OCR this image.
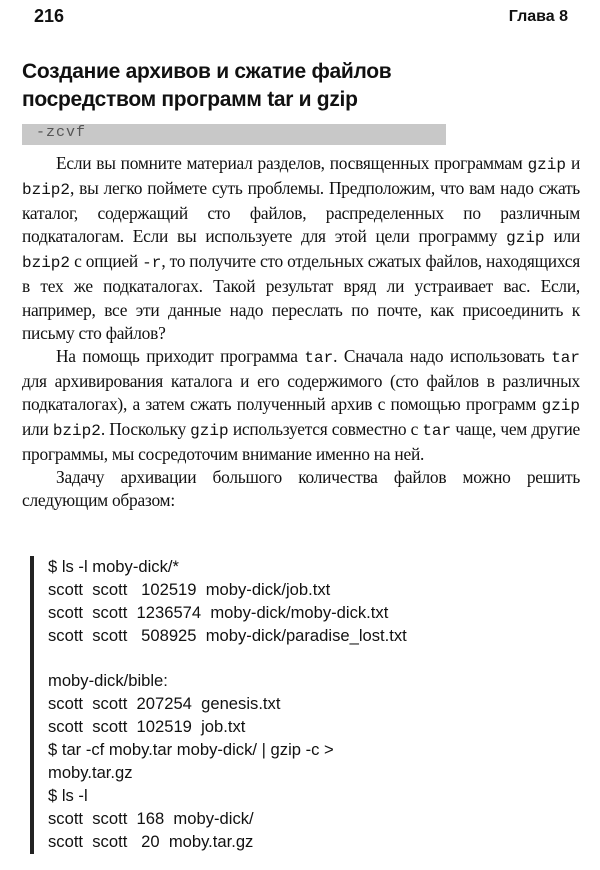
216	Глава 8
Создание архивов и сжатие файлов
посредством программ tar и gzip
-zcvf

Если вы помните материал разделов, посвященных программам gzip и bzip2, вы легко поймете суть проблемы. Предположим, что вам надо сжать каталог, содержащий сто файлов, распределенных по различным подкаталогам. Если вы используете для этой цели программу gzip или bzip2 с опцией -r, то получите сто отдельных сжатых файлов, находящихся в тех же подкаталогах. Такой результат вряд ли устраивает вас. Если, например, все эти данные надо переслать по почте, как присоединить к письму сто файлов?

На помощь приходит программа tar. Сначала надо использовать tar для архивирования каталога и его содержимого (сто файлов в различных подкаталогах), а затем сжать полученный архив с помощью программ gzip или bzip2. Поскольку gzip используется совместно с tar чаще, чем другие программы, мы сосредоточим внимание именно на ней.

Задачу архивации большого количества файлов можно решить следующим образом:

$ ls -l moby-dick/*
scott  scott   102519  moby-dick/job.txt
scott  scott  1236574  moby-dick/moby-dick.txt
scott  scott   508925  moby-dick/paradise_lost.txt
moby-dick/bible:
scott  scott  207254  genesis.txt
scott  scott  102519  job.txt
$ tar -cf moby.tar moby-dick/ | gzip -c >
moby.tar.gz
$ ls -l
scott  scott  168  moby-dick/
scott  scott   20  moby.tar.gz
